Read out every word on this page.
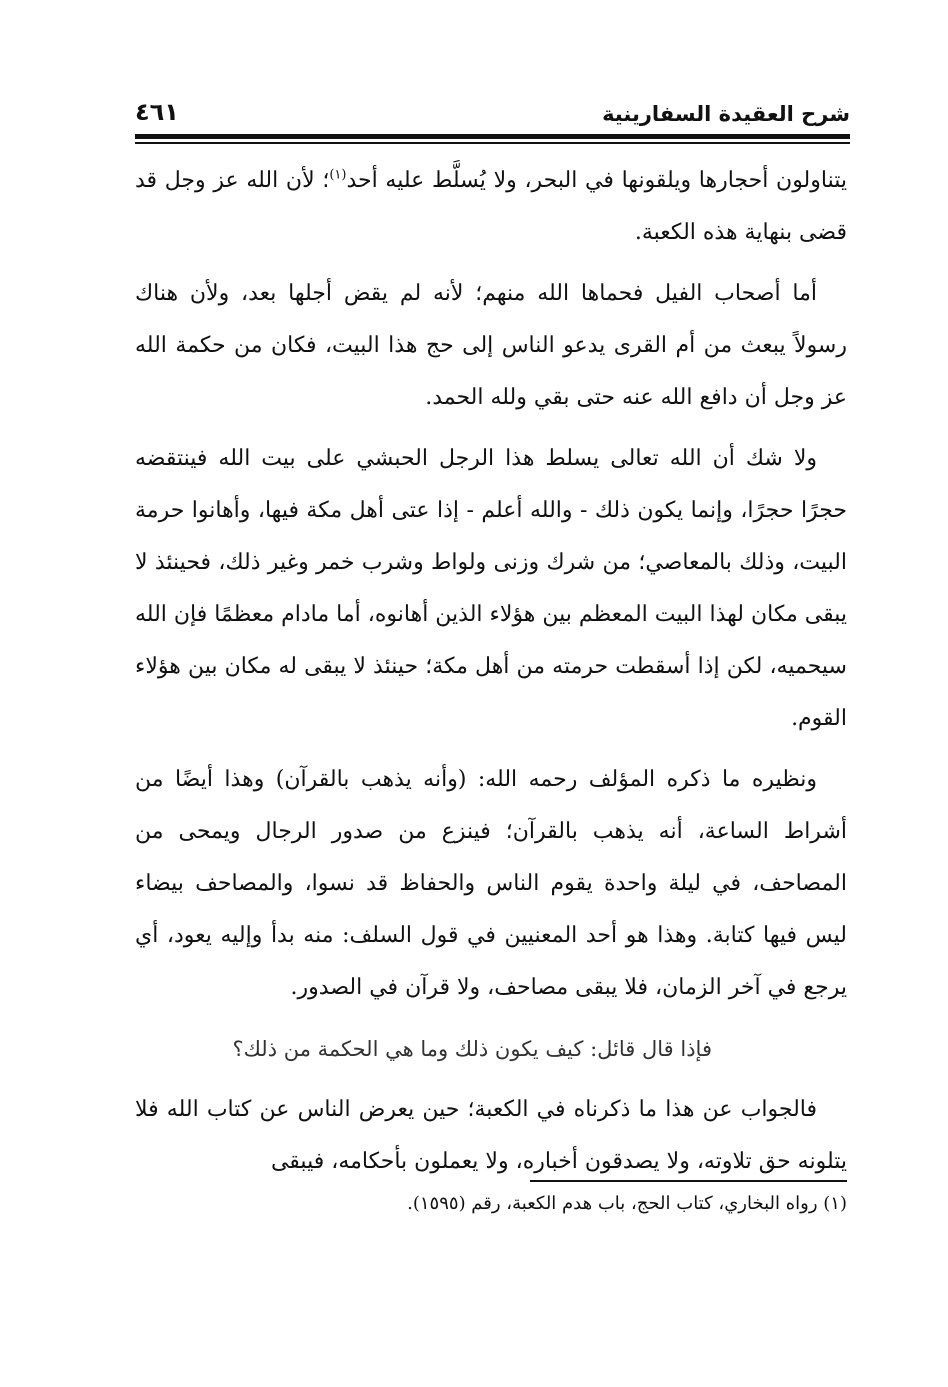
شرح العقيدة السفارينية
٤٦١

يتناولون أحجارها ويلقونها في البحر، ولا يُسلَّط عليه أحد$^{(١)}$؛ لأن الله عز وجل قد قضى بنهاية هذه الكعبة.

أما أصحاب الفيل فحماها الله منهم؛ لأنه لم يقض أجلها بعد، ولأن هناك رسولاً يبعث من أم القرى يدعو الناس إلى حج هذا البيت، فكان من حكمة الله عز وجل أن دافع الله عنه حتى بقي ولله الحمد.

ولا شك أن الله تعالى يسلط هذا الرجل الحبشي على بيت الله فينتقضه حجرًا حجرًا، وإنما يكون ذلك - والله أعلم - إذا عتى أهل مكة فيها، وأهانوا حرمة البيت، وذلك بالمعاصي؛ من شرك وزنى ولواط وشرب خمر وغير ذلك، فحينئذ لا يبقى مكان لهذا البيت المعظم بين هؤلاء الذين أهانوه، أما مادام معظمًا فإن الله سيحميه، لكن إذا أسقطت حرمته من أهل مكة؛ حينئذ لا يبقى له مكان بين هؤلاء القوم.

ونظيره ما ذكره المؤلف رحمه الله: (وأنه يذهب بالقرآن) وهذا أيضًا من أشراط الساعة، أنه يذهب بالقرآن؛ فينزع من صدور الرجال ويمحى من المصاحف، في ليلة واحدة يقوم الناس والحفاظ قد نسوا، والمصاحف بيضاء ليس فيها كتابة. وهذا هو أحد المعنيين في قول السلف: منه بدأ وإليه يعود، أي يرجع في آخر الزمان، فلا يبقى مصاحف، ولا قرآن في الصدور.

فإذا قال قائل: كيف يكون ذلك وما هي الحكمة من ذلك؟

فالجواب عن هذا ما ذكرناه في الكعبة؛ حين يعرض الناس عن كتاب الله فلا يتلونه حق تلاوته، ولا يصدقون أخباره، ولا يعملون بأحكامه، فيبقى

(١) رواه البخاري، كتاب الحج، باب هدم الكعبة، رقم (١٥٩٥).
